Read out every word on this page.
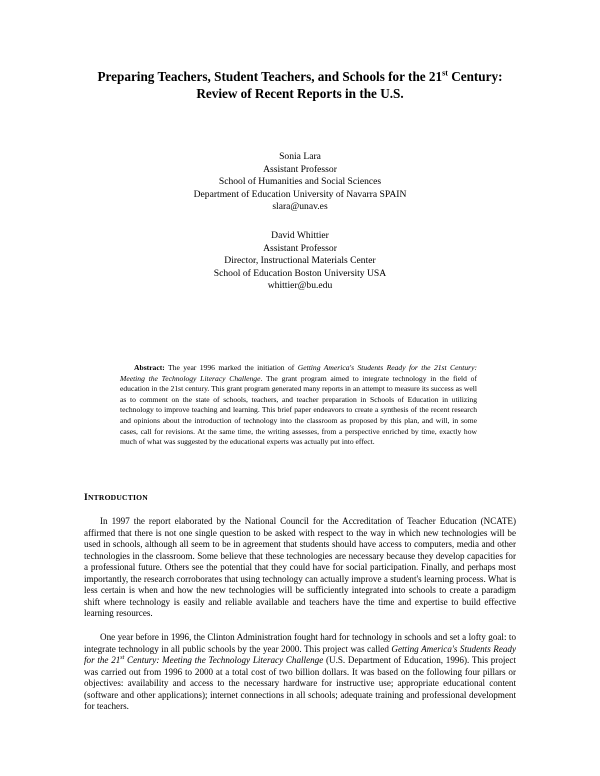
Preparing Teachers, Student Teachers, and Schools for the 21st Century:
Review of Recent Reports in the U.S.
Sonia Lara
Assistant Professor
School of Humanities and Social Sciences
Department of Education University of Navarra SPAIN
slara@unav.es
David Whittier
Assistant Professor
Director, Instructional Materials Center
School of Education Boston University USA
whittier@bu.edu
Abstract: The year 1996 marked the initiation of Getting America's Students Ready for the 21st Century: Meeting the Technology Literacy Challenge. The grant program aimed to integrate technology in the field of education in the 21st century. This grant program generated many reports in an attempt to measure its success as well as to comment on the state of schools, teachers, and teacher preparation in Schools of Education in utilizing technology to improve teaching and learning. This brief paper endeavors to create a synthesis of the recent research and opinions about the introduction of technology into the classroom as proposed by this plan, and will, in some cases, call for revisions. At the same time, the writing assesses, from a perspective enriched by time, exactly how much of what was suggested by the educational experts was actually put into effect.
INTRODUCTION
In 1997 the report elaborated by the National Council for the Accreditation of Teacher Education (NCATE) affirmed that there is not one single question to be asked with respect to the way in which new technologies will be used in schools, although all seem to be in agreement that students should have access to computers, media and other technologies in the classroom. Some believe that these technologies are necessary because they develop capacities for a professional future. Others see the potential that they could have for social participation. Finally, and perhaps most importantly, the research corroborates that using technology can actually improve a student's learning process. What is less certain is when and how the new technologies will be sufficiently integrated into schools to create a paradigm shift where technology is easily and reliable available and teachers have the time and expertise to build effective learning resources.
One year before in 1996, the Clinton Administration fought hard for technology in schools and set a lofty goal: to integrate technology in all public schools by the year 2000. This project was called Getting America's Students Ready for the 21st Century: Meeting the Technology Literacy Challenge (U.S. Department of Education, 1996). This project was carried out from 1996 to 2000 at a total cost of two billion dollars. It was based on the following four pillars or objectives: availability and access to the necessary hardware for instructive use; appropriate educational content (software and other applications); internet connections in all schools; adequate training and professional development for teachers.
